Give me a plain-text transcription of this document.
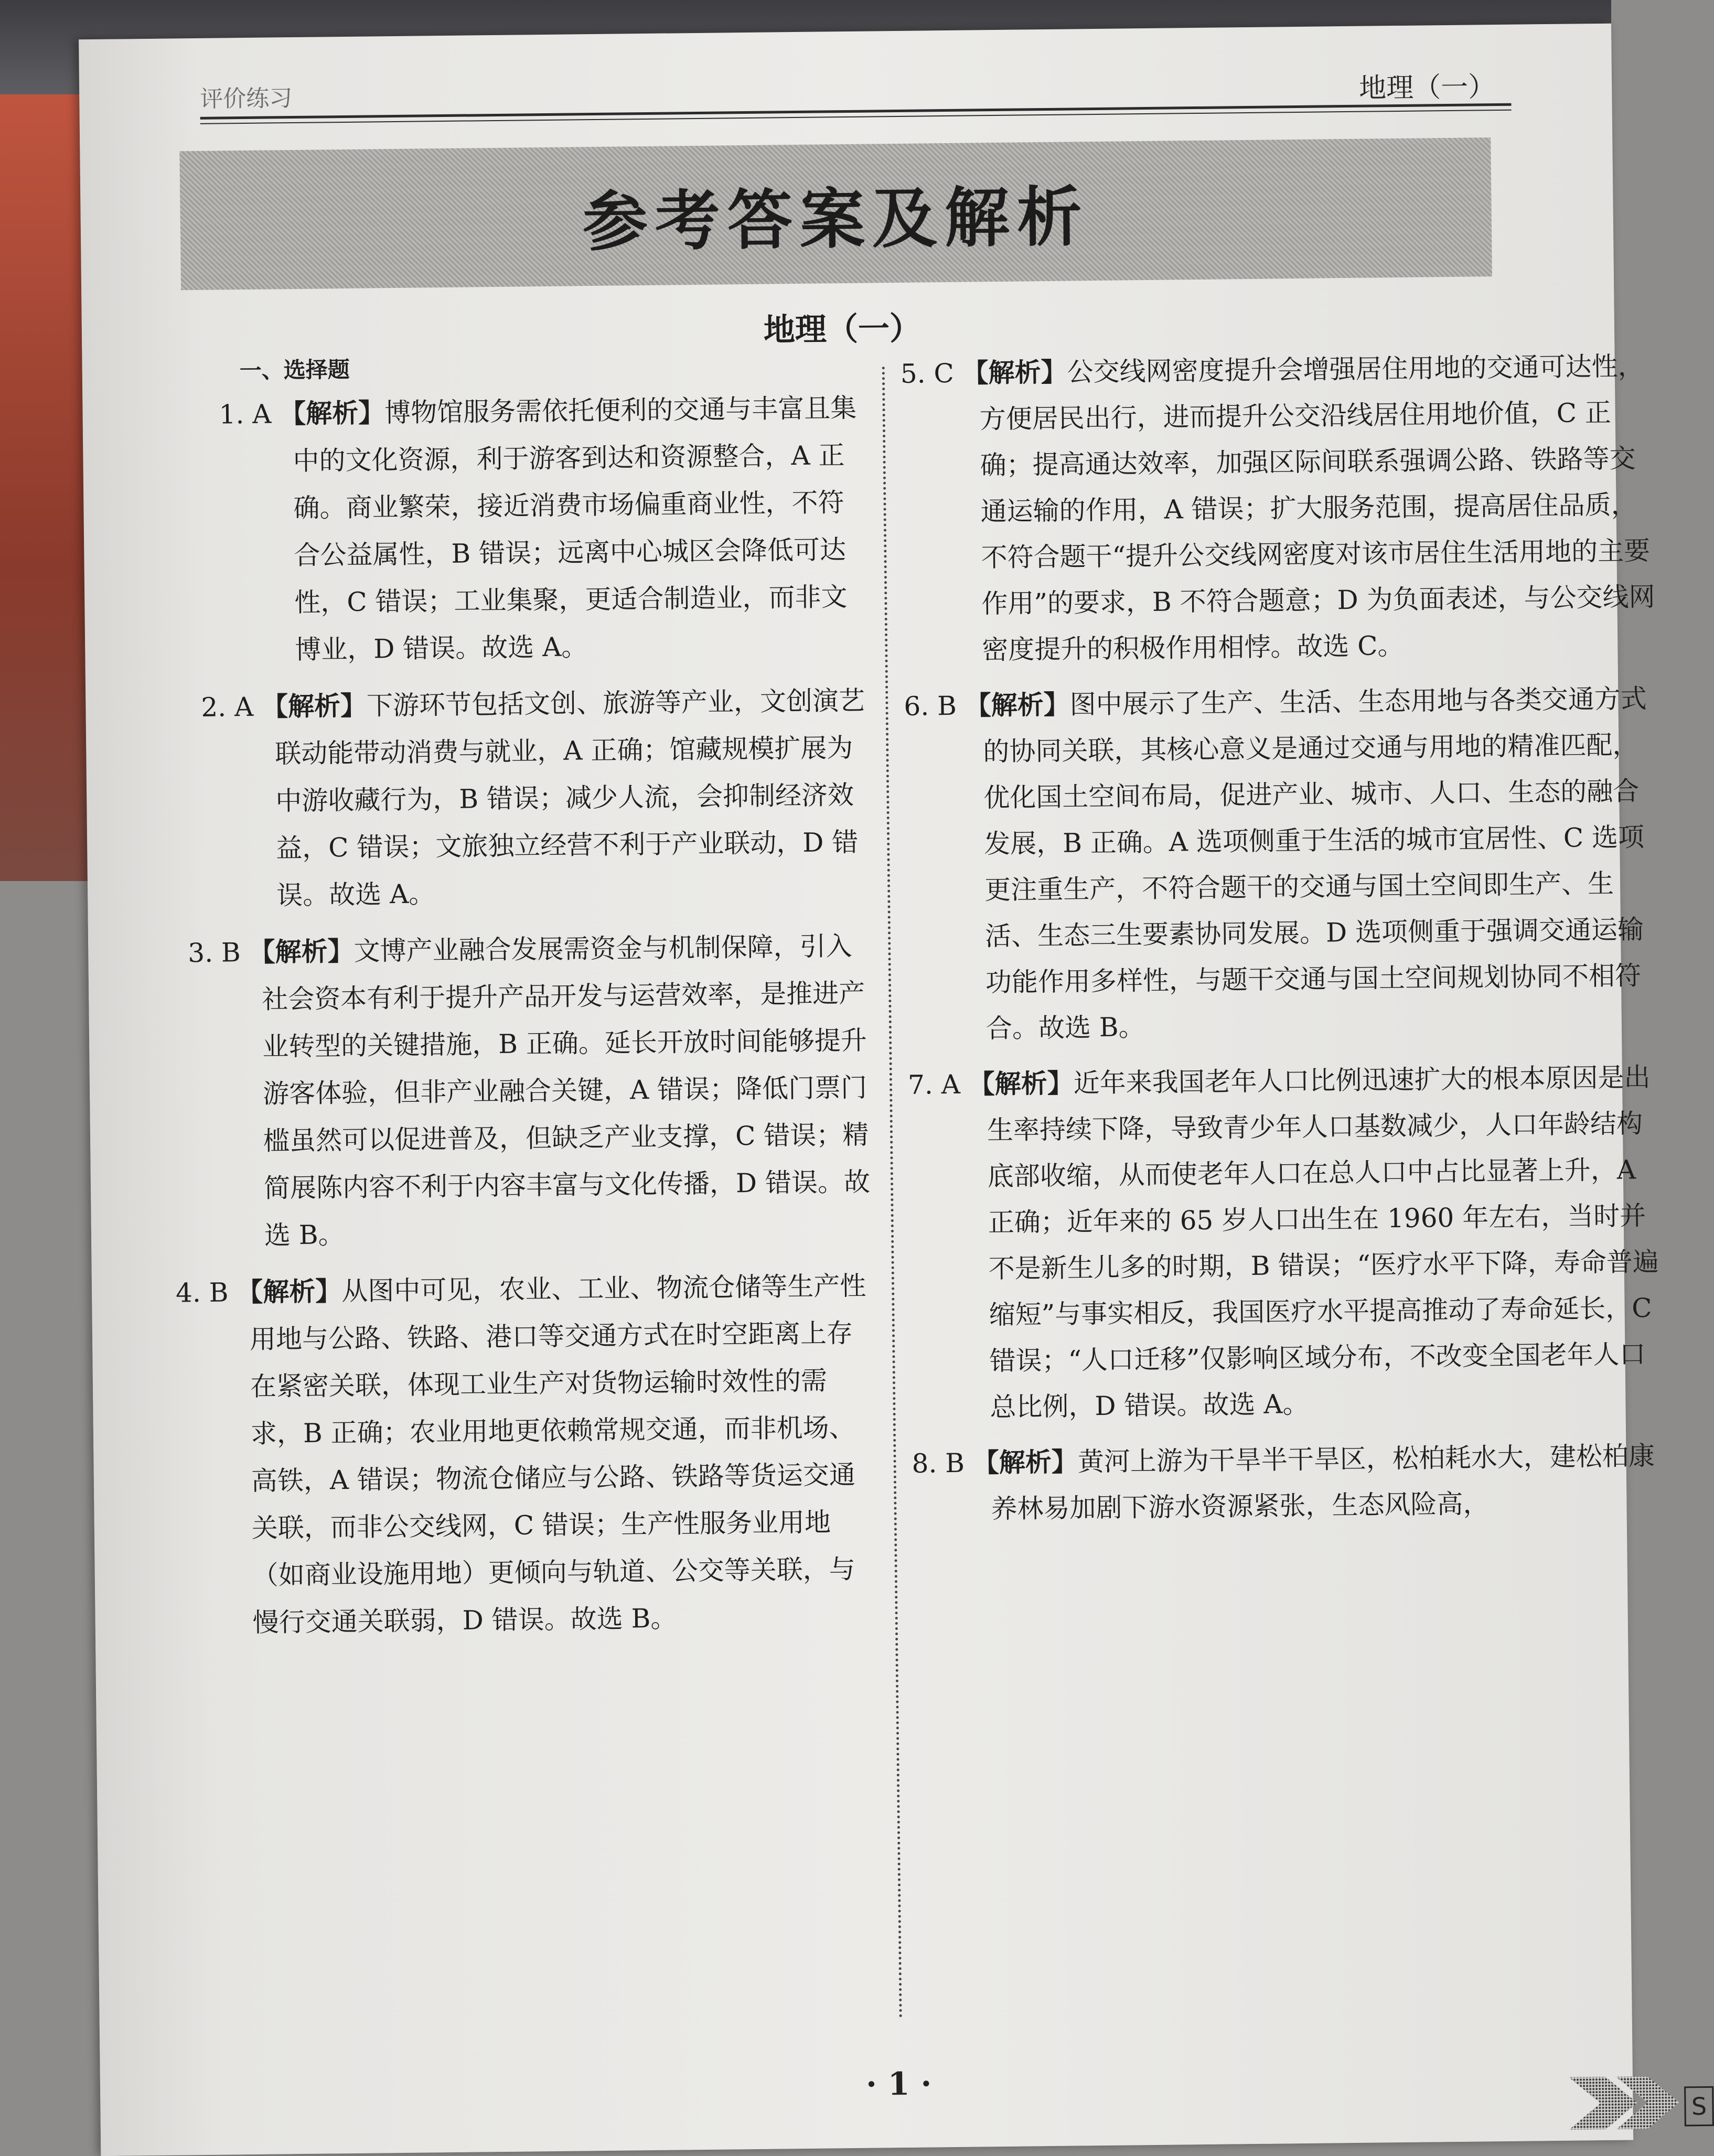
评价练习	地理（一）
参考答案及解析
地理（一）
一、选择题

1. A 【解析】博物馆服务需依托便利的交通与丰富且集中的文化资源，利于游客到达和资源整合，A 正确。商业繁荣，接近消费市场偏重商业性，不符合公益属性，B 错误；远离中心城区会降低可达性，C 错误；工业集聚，更适合制造业，而非文博业，D 错误。故选 A。

2. A 【解析】下游环节包括文创、旅游等产业，文创演艺联动能带动消费与就业，A 正确；馆藏规模扩展为中游收藏行为，B 错误；减少人流，会抑制经济效益，C 错误；文旅独立经营不利于产业联动，D 错误。故选 A。

3. B 【解析】文博产业融合发展需资金与机制保障，引入社会资本有利于提升产品开发与运营效率，是推进产业转型的关键措施，B 正确。延长开放时间能够提升游客体验，但非产业融合关键，A 错误；降低门票门槛虽然可以促进普及，但缺乏产业支撑，C 错误；精简展陈内容不利于内容丰富与文化传播，D 错误。故选 B。

4. B 【解析】从图中可见，农业、工业、物流仓储等生产性用地与公路、铁路、港口等交通方式在时空距离上存在紧密关联，体现工业生产对货物运输时效性的需求，B 正确；农业用地更依赖常规交通，而非机场、高铁，A 错误；物流仓储应与公路、铁路等货运交通关联，而非公交线网，C 错误；生产性服务业用地（如商业设施用地）更倾向与轨道、公交等关联，与慢行交通关联弱，D 错误。故选 B。

5. C 【解析】公交线网密度提升会增强居住用地的交通可达性，方便居民出行，进而提升公交沿线居住用地价值，C 正确；提高通达效率，加强区际间联系强调公路、铁路等交通运输的作用，A 错误；扩大服务范围，提高居住品质，不符合题干“提升公交线网密度对该市居住生活用地的主要作用”的要求，B 不符合题意；D 为负面表述，与公交线网密度提升的积极作用相悖。故选 C。

6. B 【解析】图中展示了生产、生活、生态用地与各类交通方式的协同关联，其核心意义是通过交通与用地的精准匹配，优化国土空间布局，促进产业、城市、人口、生态的融合发展，B 正确。A 选项侧重于生活的城市宜居性、C 选项更注重生产，不符合题干的交通与国土空间即生产、生活、生态三生要素协同发展。D 选项侧重于强调交通运输功能作用多样性，与题干交通与国土空间规划协同不相符合。故选 B。

7. A 【解析】近年来我国老年人口比例迅速扩大的根本原因是出生率持续下降，导致青少年人口基数减少，人口年龄结构底部收缩，从而使老年人口在总人口中占比显著上升，A 正确；近年来的 65 岁人口出生在 1960 年左右，当时并不是新生儿多的时期，B 错误；“医疗水平下降，寿命普遍缩短”与事实相反，我国医疗水平提高推动了寿命延长，C 错误；“人口迁移”仅影响区域分布，不改变全国老年人口总比例，D 错误。故选 A。

8. B 【解析】黄河上游为干旱半干旱区，松柏耗水大，建松柏康养林易加剧下游水资源紧张，生态风险高，

· 1 ·
S
